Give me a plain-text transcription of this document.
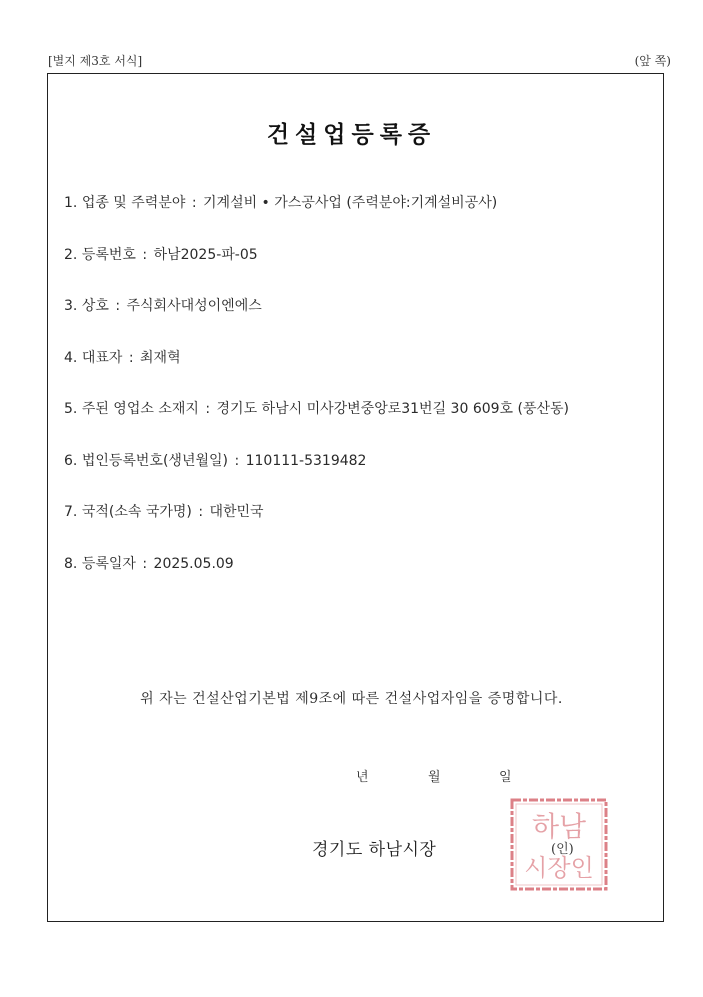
[별지 제3호 서식]	(앞 쪽)
건설업등록증
1. 업종 및 주력분야 : 기계설비 • 가스공사업 (주력분야:기계설비공사)
2. 등록번호 : 하남2025-파-05
3. 상호 : 주식회사대성이엔에스
4. 대표자 : 최재혁
5. 주된 영업소 소재지 : 경기도 하남시 미사강변중앙로31번길 30 609호 (풍산동)
6. 법인등록번호(생년월일) : 110111-5319482
7. 국적(소속 국가명) : 대한민국
8. 등록일자 : 2025.05.09
위 자는 건설산업기본법 제9조에 따른 건설사업자임을 증명합니다.
년	월	일
경기도 하남시장
하남
시장인
(인)
